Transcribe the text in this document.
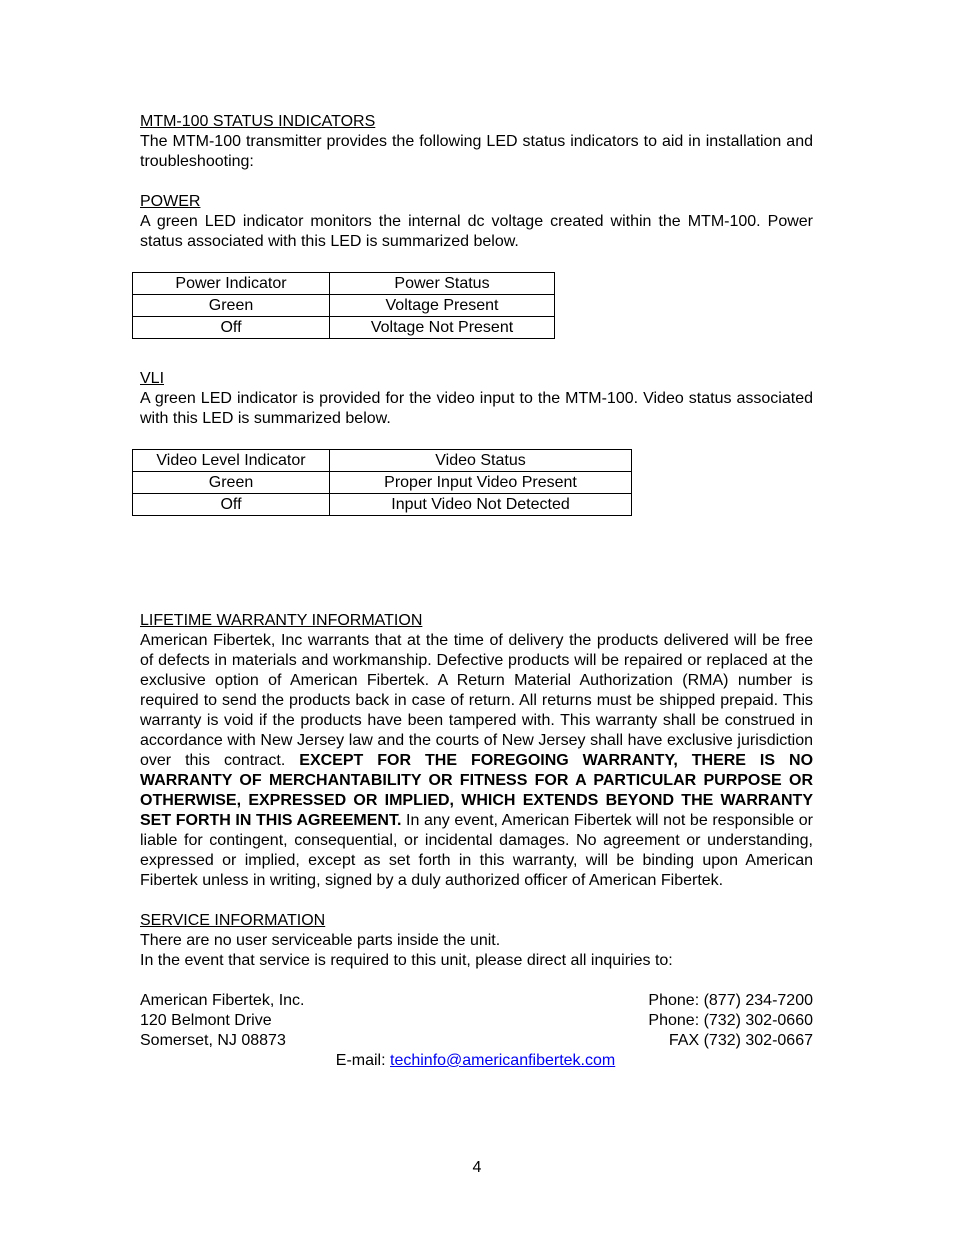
MTM-100 STATUS INDICATORS

The MTM-100 transmitter provides the following LED status indicators to aid in installation and troubleshooting:

POWER

A green LED indicator monitors the internal dc voltage created within the MTM-100. Power status associated with this LED is summarized below.

Power Indicator	Power Status
Green	Voltage Present
Off	Voltage Not Present
VLI

A green LED indicator is provided for the video input to the MTM-100. Video status associated with this LED is summarized below.

Video Level Indicator	Video Status
Green	Proper Input Video Present
Off	Input Video Not Detected
LIFETIME WARRANTY INFORMATION

American Fibertek, Inc warrants that at the time of delivery the products delivered will be free of defects in materials and workmanship. Defective products will be repaired or replaced at the exclusive option of American Fibertek. A Return Material Authorization (RMA) number is required to send the products back in case of return. All returns must be shipped prepaid. This warranty is void if the products have been tampered with. This warranty shall be construed in accordance with New Jersey law and the courts of New Jersey shall have exclusive jurisdiction over this contract. EXCEPT FOR THE FOREGOING WARRANTY, THERE IS NO WARRANTY OF MERCHANTABILITY OR FITNESS FOR A PARTICULAR PURPOSE OR OTHERWISE, EXPRESSED OR IMPLIED, WHICH EXTENDS BEYOND THE WARRANTY SET FORTH IN THIS AGREEMENT. In any event, American Fibertek will not be responsible or liable for contingent, consequential, or incidental damages. No agreement or understanding, expressed or implied, except as set forth in this warranty, will be binding upon American Fibertek unless in writing, signed by a duly authorized officer of American Fibertek.

SERVICE INFORMATION
There are no user serviceable parts inside the unit.
In the event that service is required to this unit, please direct all inquiries to:
American Fibertek, Inc.
120 Belmont Drive
Somerset, NJ 08873
Phone: (877) 234-7200
Phone: (732) 302-0660
FAX (732) 302-0667
E-mail: techinfo@americanfibertek.com
4
